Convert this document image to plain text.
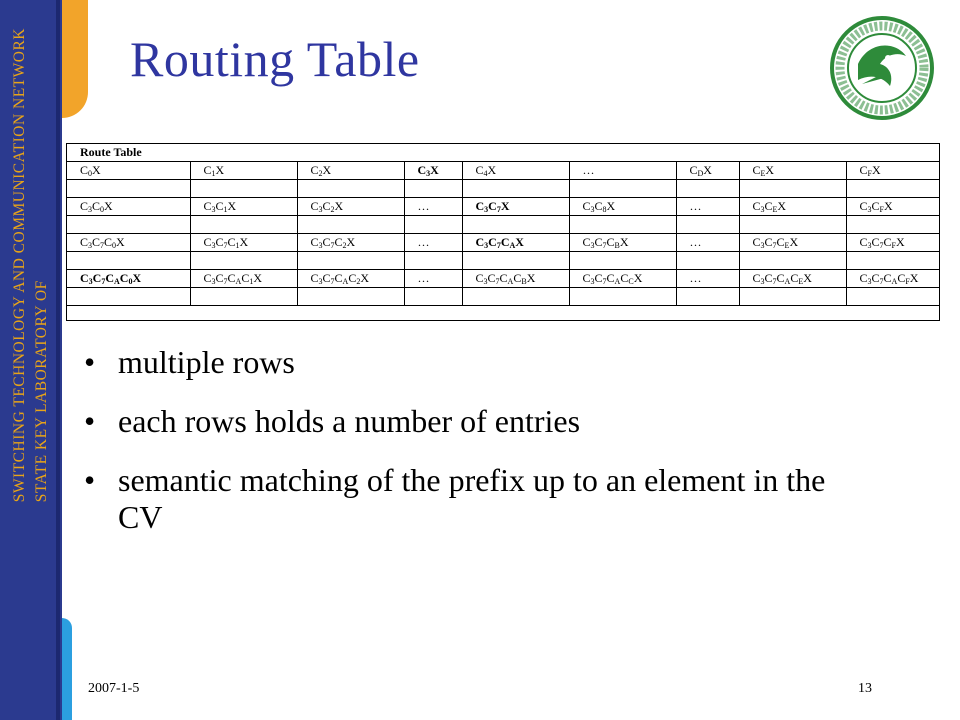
SWITCHING TECHNOLOGY AND COMMUNICATION NETWORK STATE KEY LABORATORY OF
Routing Table
Route Table
$C_0X$	$C_1X$	$C_2X$	$C_3X$	$C_4X$	…	$C_DX$	$C_EX$	$C_FX$

$C_3C_0X$	$C_3C_1X$	$C_3C_2X$	…	$C_3C_7X$	$C_3C_8X$	…	$C_3C_EX$	$C_3C_FX$

$C_3C_7C_0X$	$C_3C_7C_1X$	$C_3C_7C_2X$	…	$C_3C_7C_AX$	$C_3C_7C_BX$	…	$C_3C_7C_EX$	$C_3C_7C_FX$

$C_3C_7C_AC_0X$	$C_3C_7C_AC_1X$	$C_3C_7C_AC_2X$	…	$C_3C_7C_AC_BX$	$C_3C_7C_AC_CX$	…	$C_3C_7C_AC_EX$	$C_3C_7C_AC_FX$

• multiple rows
• each rows holds a number of entries
• semantic matching of the prefix up to an element in the CV
2007-1-5	13
